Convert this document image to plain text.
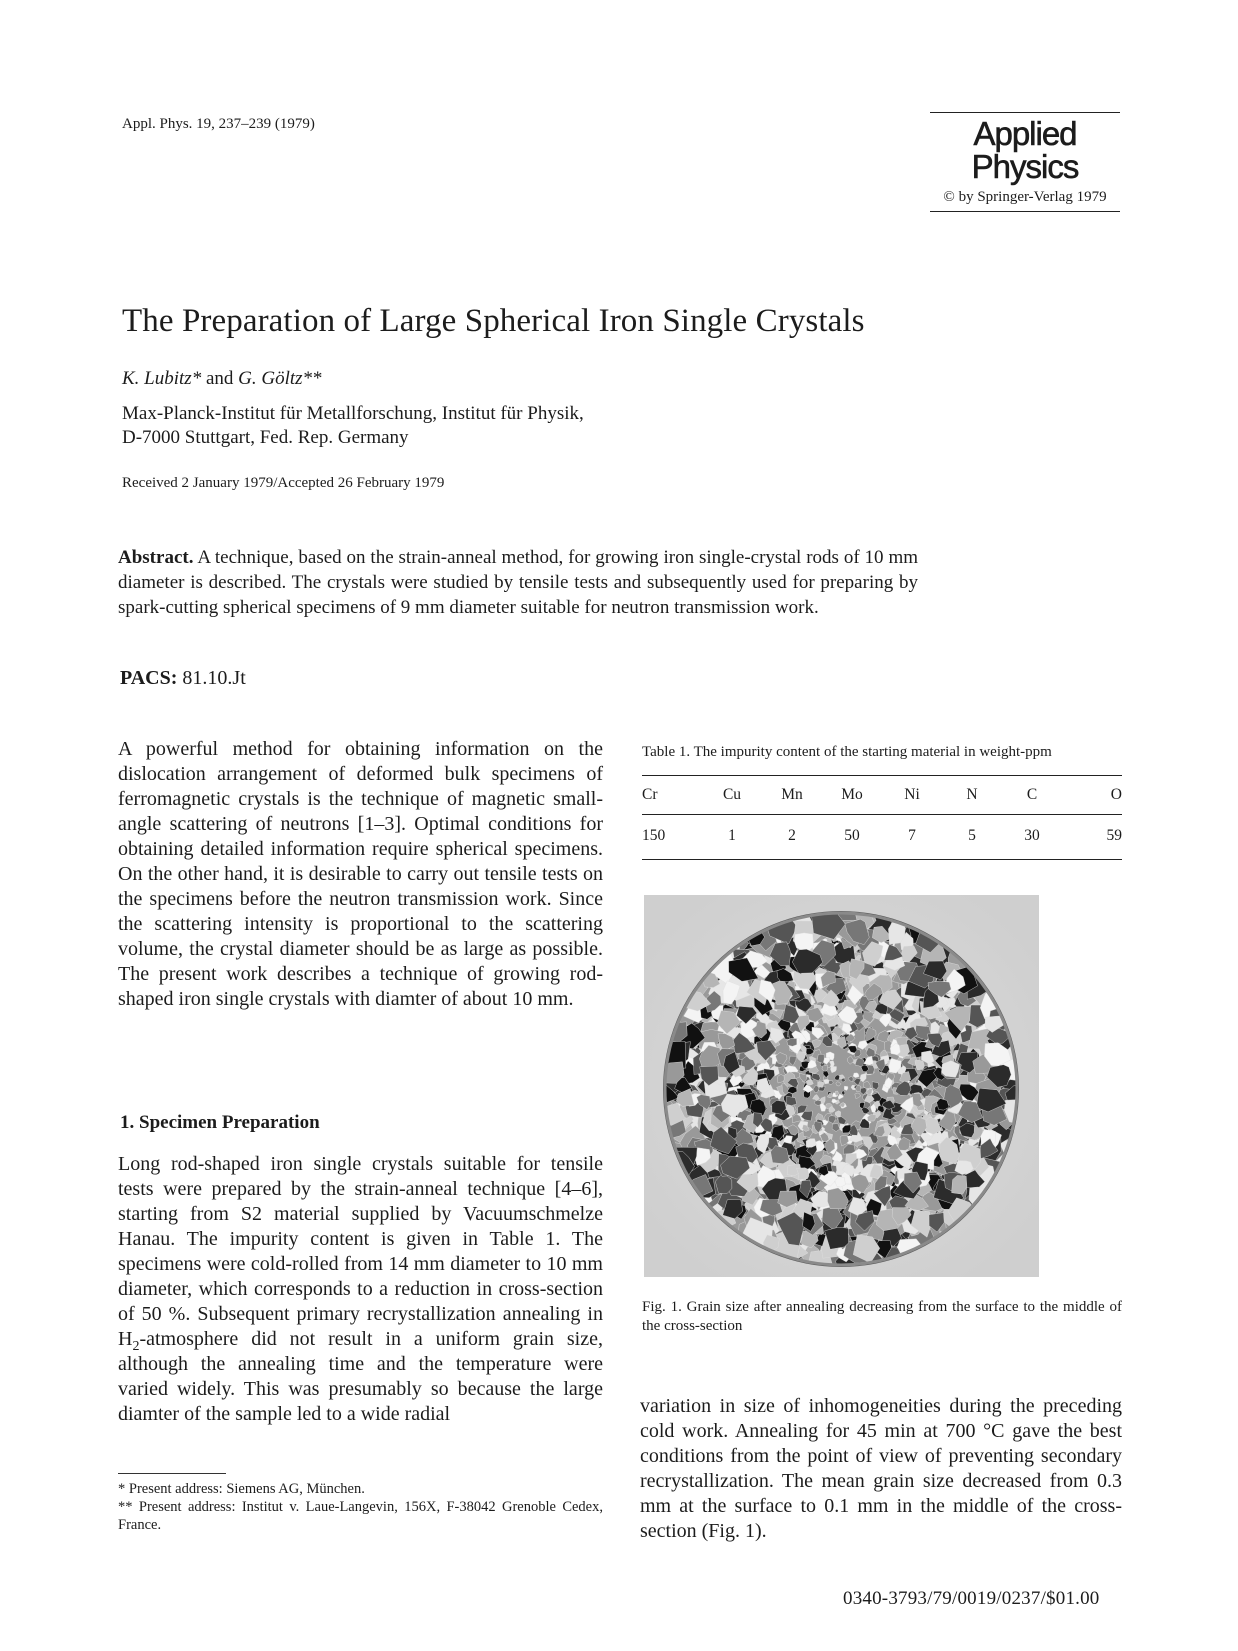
Appl. Phys. 19, 237–239 (1979)	Applied
Physics
© by Springer-Verlag 1979
The Preparation of Large Spherical Iron Single Crystals
K. Lubitz* and G. Göltz**
Max-Planck-Institut für Metallforschung, Institut für Physik,
D-7000 Stuttgart, Fed. Rep. Germany
Received 2 January 1979/Accepted 26 February 1979
Abstract. A technique, based on the strain-anneal method, for growing iron single-crystal rods of 10 mm diameter is described. The crystals were studied by tensile tests and subsequently used for preparing by spark-cutting spherical specimens of 9 mm diameter suitable for neutron transmission work.
PACS: 81.10.Jt
A powerful method for obtaining information on the dislocation arrangement of deformed bulk specimens of ferromagnetic crystals is the technique of magnetic small-angle scattering of neutrons [1–3]. Optimal conditions for obtaining detailed information require spherical specimens. On the other hand, it is desirable to carry out tensile tests on the specimens before the neutron transmission work. Since the scattering intensity is proportional to the scattering volume, the crystal diameter should be as large as possible. The present work describes a technique of growing rod-shaped iron single crystals with diamter of about 10 mm.
1. Specimen Preparation
Long rod-shaped iron single crystals suitable for tensile tests were prepared by the strain-anneal technique [4–6], starting from S2 material supplied by Vacuumschmelze Hanau. The impurity content is given in Table 1. The specimens were cold-rolled from 14 mm diameter to 10 mm diameter, which corresponds to a reduction in cross-section of 50 %. Subsequent primary recrystallization annealing in $H_2$-atmosphere did not result in a uniform grain size, although the annealing time and the temperature were varied widely. This was presumably so because the large diamter of the sample led to a wide radial
* Present address: Siemens AG, München.
** Present address: Institut v. Laue-Langevin, 156X, F-38042 Grenoble Cedex, France.
Table 1. The impurity content of the starting material in weight-ppm
Cr	Cu	Mn	Mo	Ni	N	C	O
150	1	2	50	7	5	30	59
Fig. 1. Grain size after annealing decreasing from the surface to the middle of the cross-section
variation in size of inhomogeneities during the preceding cold work. Annealing for 45 min at 700 °C gave the best conditions from the point of view of preventing secondary recrystallization. The mean grain size decreased from 0.3 mm at the surface to 0.1 mm in the middle of the cross-section (Fig. 1).
0340-3793/79/0019/0237/$01.00
